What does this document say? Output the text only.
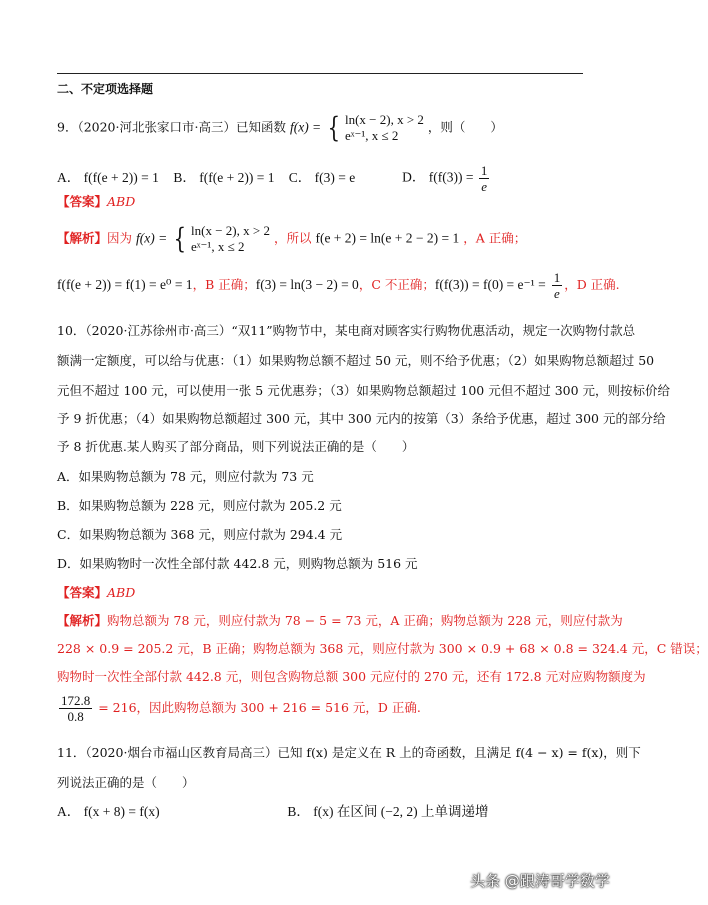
二、不定项选择题
9．（2020·河北张家口市·高三）已知函数 f(x) = { ln(x − 2), x > 2
eˣ⁻¹, x ≤ 2
，则（　　）
A． f(f(e + 2)) = 1 B． f(f(e + 2)) = 1 C． f(3) = e	D． $f(f(3)) = \frac{1}{e}$
【答案】ABD
【解析】因为 f(x) = { ln(x − 2), x > 2
eˣ⁻¹, x ≤ 2
，所以 f(e + 2) = ln(e + 2 − 2) = 1 ，A 正确；
f(f(e + 2)) = f(1) = e⁰ = 1，B 正确；f(3) = ln(3 − 2) = 0，C 不正确；$f(f(3)) = f(0) = e^{-1} = \frac{1}{e}$ ，D 正确.
10．（2020·江苏徐州市·高三）“双11”购物节中，某电商对顾客实行购物优惠活动，规定一次购物付款总
额满一定额度，可以给与优惠：（1）如果购物总额不超过 50 元，则不给予优惠；（2）如果购物总额超过 50
元但不超过 100 元，可以使用一张 5 元优惠券；（3）如果购物总额超过 100 元但不超过 300 元，则按标价给
予 9 折优惠；（4）如果购物总额超过 300 元，其中 300 元内的按第（3）条给予优惠，超过 300 元的部分给
予 8 折优惠.某人购买了部分商品，则下列说法正确的是（　　）
A．如果购物总额为 78 元，则应付款为 73 元
B．如果购物总额为 228 元，则应付款为 205.2 元
C．如果购物总额为 368 元，则应付款为 294.4 元
D．如果购物时一次性全部付款 442.8 元，则购物总额为 516 元
【答案】ABD
【解析】购物总额为 78 元，则应付款为 78 − 5 = 73 元，A 正确；购物总额为 228 元，则应付款为
228 × 0.9 = 205.2 元，B 正确；购物总额为 368 元，则应付款为 300 × 0.9 + 68 × 0.8 = 324.4 元，C 错误；
购物时一次性全部付款 442.8 元，则包含购物总额 300 元应付的 270 元，还有 172.8 元对应购物额度为
$\frac{172.8}{0.8} = 216$，因此购物总额为 300 + 216 = 516 元，D 正确.
11．（2020·烟台市福山区教育局高三）已知 f(x) 是定义在 R 上的奇函数，且满足 f(4 − x) = f(x)，则下
列说法正确的是（　　）
A． f(x + 8) = f(x)	B． f(x) 在区间 (−2, 2) 上单调递增
头条 @跟涛哥学数学
